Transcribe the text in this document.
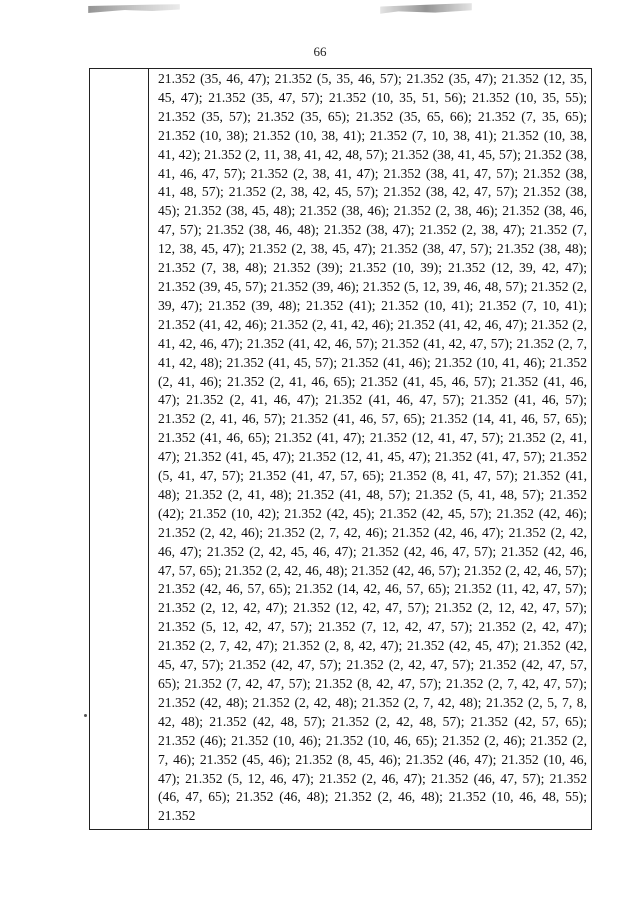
66

21.352 (35, 46, 47); 21.352 (5, 35, 46, 57); 21.352 (35, 47); 21.352 (12, 35, 45, 47); 21.352 (35, 47, 57); 21.352 (10, 35, 51, 56); 21.352 (10, 35, 55); 21.352 (35, 57); 21.352 (35, 65); 21.352 (35, 65, 66); 21.352 (7, 35, 65); 21.352 (10, 38); 21.352 (10, 38, 41); 21.352 (7, 10, 38, 41); 21.352 (10, 38, 41, 42); 21.352 (2, 11, 38, 41, 42, 48, 57); 21.352 (38, 41, 45, 57); 21.352 (38, 41, 46, 47, 57); 21.352 (2, 38, 41, 47); 21.352 (38, 41, 47, 57); 21.352 (38, 41, 48, 57); 21.352 (2, 38, 42, 45, 57); 21.352 (38, 42, 47, 57); 21.352 (38, 45); 21.352 (38, 45, 48); 21.352 (38, 46); 21.352 (2, 38, 46); 21.352 (38, 46, 47, 57); 21.352 (38, 46, 48); 21.352 (38, 47); 21.352 (2, 38, 47); 21.352 (7, 12, 38, 45, 47); 21.352 (2, 38, 45, 47); 21.352 (38, 47, 57); 21.352 (38, 48); 21.352 (7, 38, 48); 21.352 (39); 21.352 (10, 39); 21.352 (12, 39, 42, 47); 21.352 (39, 45, 57); 21.352 (39, 46); 21.352 (5, 12, 39, 46, 48, 57); 21.352 (2, 39, 47); 21.352 (39, 48); 21.352 (41); 21.352 (10, 41); 21.352 (7, 10, 41); 21.352 (41, 42, 46); 21.352 (2, 41, 42, 46); 21.352 (41, 42, 46, 47); 21.352 (2, 41, 42, 46, 47); 21.352 (41, 42, 46, 57); 21.352 (41, 42, 47, 57); 21.352 (2, 7, 41, 42, 48); 21.352 (41, 45, 57); 21.352 (41, 46); 21.352 (10, 41, 46); 21.352 (2, 41, 46); 21.352 (2, 41, 46, 65); 21.352 (41, 45, 46, 57); 21.352 (41, 46, 47); 21.352 (2, 41, 46, 47); 21.352 (41, 46, 47, 57); 21.352 (41, 46, 57); 21.352 (2, 41, 46, 57); 21.352 (41, 46, 57, 65); 21.352 (14, 41, 46, 57, 65); 21.352 (41, 46, 65); 21.352 (41, 47); 21.352 (12, 41, 47, 57); 21.352 (2, 41, 47); 21.352 (41, 45, 47); 21.352 (12, 41, 45, 47); 21.352 (41, 47, 57); 21.352 (5, 41, 47, 57); 21.352 (41, 47, 57, 65); 21.352 (8, 41, 47, 57); 21.352 (41, 48); 21.352 (2, 41, 48); 21.352 (41, 48, 57); 21.352 (5, 41, 48, 57); 21.352 (42); 21.352 (10, 42); 21.352 (42, 45); 21.352 (42, 45, 57); 21.352 (42, 46); 21.352 (2, 42, 46); 21.352 (2, 7, 42, 46); 21.352 (42, 46, 47); 21.352 (2, 42, 46, 47); 21.352 (2, 42, 45, 46, 47); 21.352 (42, 46, 47, 57); 21.352 (42, 46, 47, 57, 65); 21.352 (2, 42, 46, 48); 21.352 (42, 46, 57); 21.352 (2, 42, 46, 57); 21.352 (42, 46, 57, 65); 21.352 (14, 42, 46, 57, 65); 21.352 (11, 42, 47, 57); 21.352 (2, 12, 42, 47); 21.352 (12, 42, 47, 57); 21.352 (2, 12, 42, 47, 57); 21.352 (5, 12, 42, 47, 57); 21.352 (7, 12, 42, 47, 57); 21.352 (2, 42, 47); 21.352 (2, 7, 42, 47); 21.352 (2, 8, 42, 47); 21.352 (42, 45, 47); 21.352 (42, 45, 47, 57); 21.352 (42, 47, 57); 21.352 (2, 42, 47, 57); 21.352 (42, 47, 57, 65); 21.352 (7, 42, 47, 57); 21.352 (8, 42, 47, 57); 21.352 (2, 7, 42, 47, 57); 21.352 (42, 48); 21.352 (2, 42, 48); 21.352 (2, 7, 42, 48); 21.352 (2, 5, 7, 8, 42, 48); 21.352 (42, 48, 57); 21.352 (2, 42, 48, 57); 21.352 (42, 57, 65); 21.352 (46); 21.352 (10, 46); 21.352 (10, 46, 65); 21.352 (2, 46); 21.352 (2, 7, 46); 21.352 (45, 46); 21.352 (8, 45, 46); 21.352 (46, 47); 21.352 (10, 46, 47); 21.352 (5, 12, 46, 47); 21.352 (2, 46, 47); 21.352 (46, 47, 57); 21.352 (46, 47, 65); 21.352 (46, 48); 21.352 (2, 46, 48); 21.352 (10, 46, 48, 55); 21.352
